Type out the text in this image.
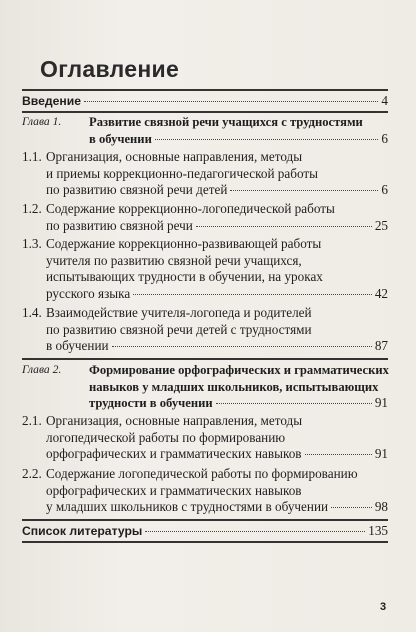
Оглавление
Введение	4
Глава 1. Развитие связной речи учащихся с трудностями
в обучении	6
1.1. Организация, основные направления, методы
и приемы коррекционно-педагогической работы
по развитию связной речи детей	6
1.2. Содержание коррекционно-логопедической работы
по развитию связной речи	25
1.3. Содержание коррекционно-развивающей работы
учителя по развитию связной речи учащихся,
испытывающих трудности в обучении, на уроках
русского языка	42
1.4. Взаимодействие учителя-логопеда и родителей
по развитию связной речи детей с трудностями
в обучении	87
Глава 2. Формирование орфографических и грамматических
навыков у младших школьников, испытывающих
трудности в обучении	91
2.1. Организация, основные направления, методы
логопедической работы по формированию
орфографических и грамматических навыков	91
2.2. Содержание логопедической работы по формированию
орфографических и грамматических навыков
у младших школьников с трудностями в обучении	98
Список литературы	135
3
